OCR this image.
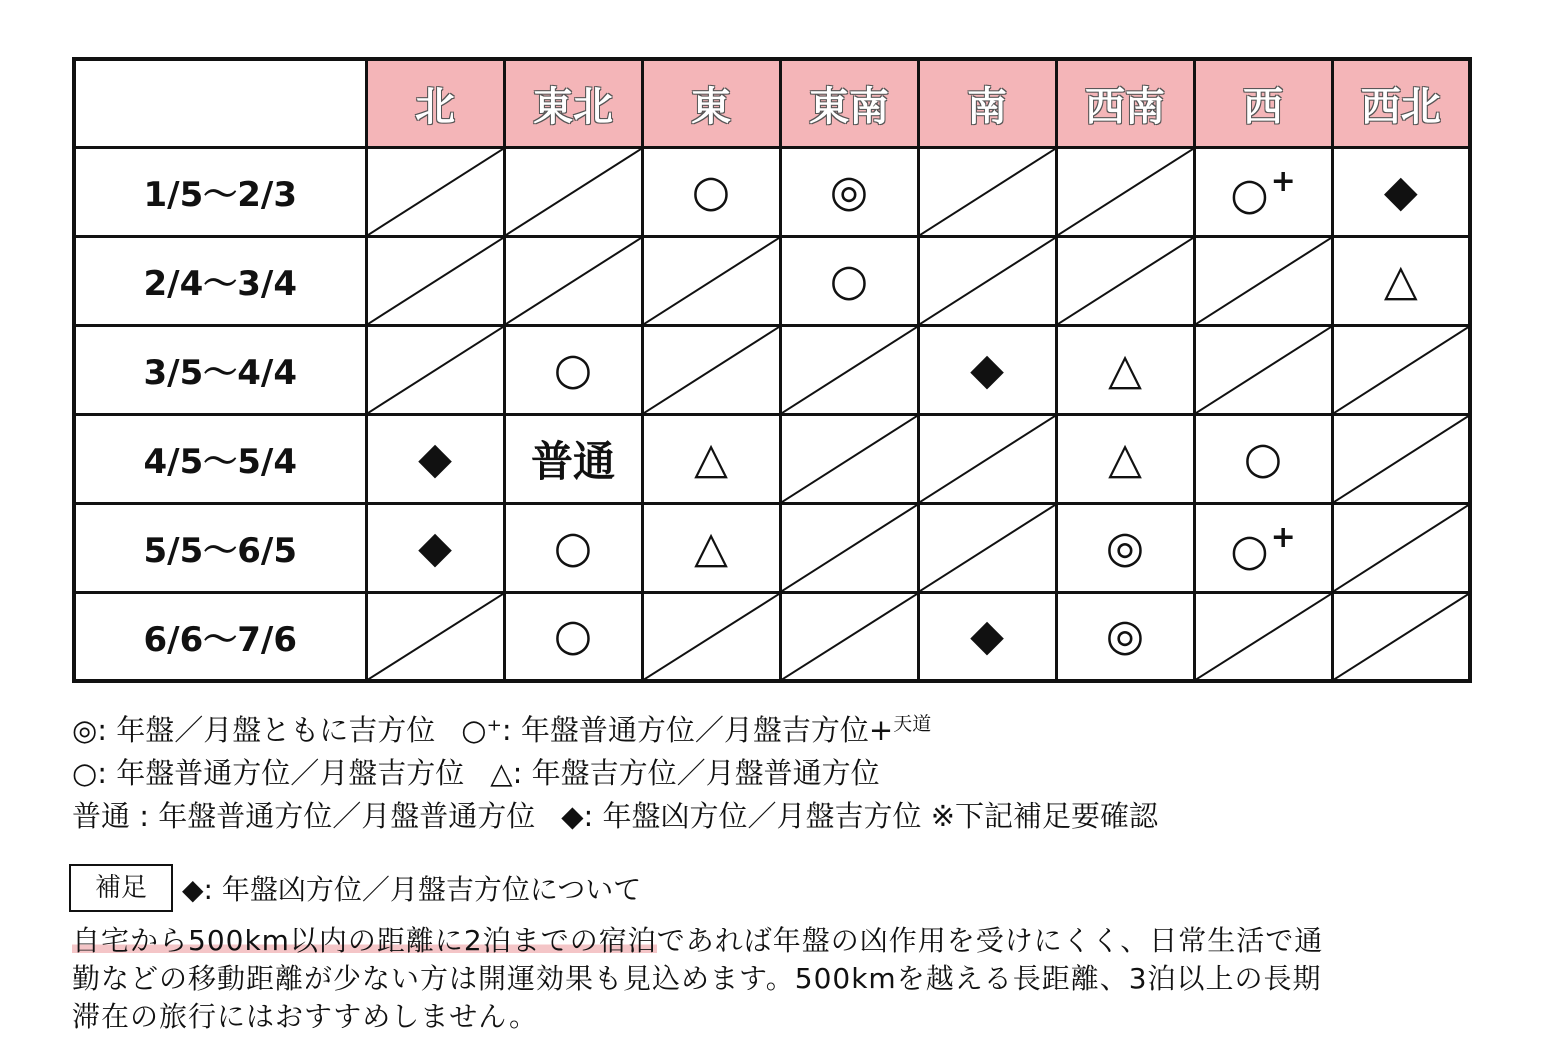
	北	東北	東	東南	南	西南	西	西北
1/5～2/3			○	◎			○+	◆
2/4～3/4				○				△
3/5～4/4		○			◆	△	

4/5～5/4	◆	普通	△			△	○	

5/5～6/5	◆	○	△			◎	○+	

6/6～7/6		○			◆	◎	

◎: 年盤／月盤ともに吉方位 ○⁺: 年盤普通方位／月盤吉方位+$^{天道}$
○: 年盤普通方位／月盤吉方位 △: 年盤吉方位／月盤普通方位
普通 : 年盤普通方位／月盤普通方位 ◆: 年盤凶方位／月盤吉方位 ※下記補足要確認
補足	◆: 年盤凶方位／月盤吉方位について
自宅から500km以内の距離に2泊までの宿泊であれば年盤の凶作用を受けにくく、日常生活で通勤などの移動距離が少ない方は開運効果も見込めます。500kmを越える長距離、3泊以上の長期滞在の旅行にはおすすめしません。
